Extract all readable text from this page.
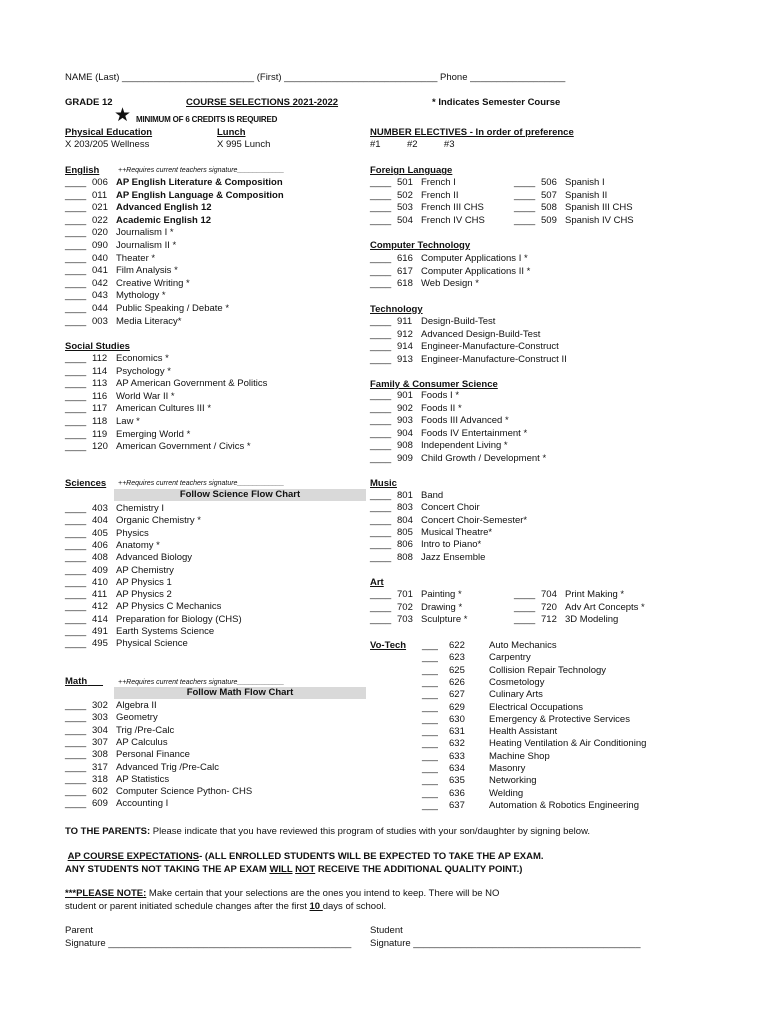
NAME (Last) _________________________ (First) _____________________________ Phone __________________
GRADE 12	COURSE SELECTIONS 2021-2022	* Indicates Semester Course
★ MINIMUM OF 6 CREDITS IS REQUIRED
Physical Education
X 203/205 Wellness
Lunch
X 995 Lunch
NUMBER ELECTIVES - In order of preference
#1          #2          #3
English	++Requires current teachers signature____________
____ 006 AP English Literature & Composition
____ 011 AP English Language & Composition
____ 021 Advanced English 12
____ 022 Academic English 12
____ 020 Journalism I *
____ 090 Journalism II *
____ 040 Theater *
____ 041 Film Analysis *
____ 042 Creative Writing *
____ 043 Mythology *
____ 044 Public Speaking / Debate *
____ 003 Media Literacy*
Social Studies
____ 112 Economics *
____ 114 Psychology *
____ 113 AP American Government & Politics
____ 116 World War II *
____ 117 American Cultures III *
____ 118 Law *
____ 119 Emerging World *
____ 120 American Government / Civics *
Sciences ++Requires current teachers signature____________
Follow Science Flow Chart
____ 403 Chemistry I
____ 404 Organic Chemistry *
____ 405 Physics
____ 406 Anatomy *
____ 408 Advanced Biology
____ 409 AP Chemistry
____ 410 AP Physics 1
____ 411 AP Physics 2
____ 412 AP Physics C Mechanics
____ 414 Preparation for Biology (CHS)
____ 491 Earth Systems Science
____ 495 Physical Science
Math	++Requires current teachers signature____________
Follow Math Flow Chart
____ 302 Algebra II
____ 303 Geometry
____ 304 Trig /Pre-Calc
____ 307 AP Calculus
____ 308 Personal Finance
____ 317 Advanced Trig /Pre-Calc
____ 318 AP Statistics
____ 602 Computer Science Python- CHS
____ 609 Accounting I
Foreign Language
____ 501 French I
____ 502 French II
____ 503 French III CHS
____ 504 French IV CHS
____ 506 Spanish I
____ 507 Spanish II
____ 508 Spanish III CHS
____ 509 Spanish IV CHS
Computer Technology
____ 616 Computer Applications I *
____ 617 Computer Applications II *
____ 618 Web Design *
Technology
____ 911 Design-Build-Test
____ 912 Advanced Design-Build-Test
____ 914 Engineer-Manufacture-Construct
____ 913 Engineer-Manufacture-Construct II
Family & Consumer Science
____ 901 Foods I *
____ 902 Foods II *
____ 903 Foods III Advanced *
____ 904 Foods IV Entertainment *
____ 908 Independent Living *
____ 909 Child Growth / Development *
Music
____ 801 Band
____ 803 Concert Choir
____ 804 Concert Choir-Semester*
____ 805 Musical Theatre*
____ 806 Intro to Piano*
____ 808 Jazz Ensemble
Art
____ 701 Painting *
____ 702 Drawing *
____ 703 Sculpture *
____ 704 Print Making *
____ 720 Adv Art Concepts *
____ 712 3D Modeling
Vo-Tech ___ 622	Auto Mechanics
___ 623	Carpentry
___ 625	Collision Repair Technology
___ 626	Cosmetology
___ 627	Culinary Arts
___ 629	Electrical Occupations
___ 630	Emergency & Protective Services
___ 631	Health Assistant
___ 632	Heating Ventilation & Air Conditioning
___ 633	Machine Shop
___ 634	Masonry
___ 635	Networking
___ 636	Welding
___ 637	Automation & Robotics Engineering
TO THE PARENTS: Please indicate that you have reviewed this program of studies with your son/daughter by signing below.
AP COURSE EXPECTATIONS- (ALL ENROLLED STUDENTS WILL BE EXPECTED TO TAKE THE AP EXAM.
ANY STUDENTS NOT TAKING THE AP EXAM WILL NOT RECEIVE THE ADDITIONAL QUALITY POINT.)
***PLEASE NOTE: Make certain that your selections are the ones you intend to keep. There will be NO
student or parent initiated schedule changes after the first 10 days of school.
Parent
Signature ______________________________________________
Student
Signature ___________________________________________
